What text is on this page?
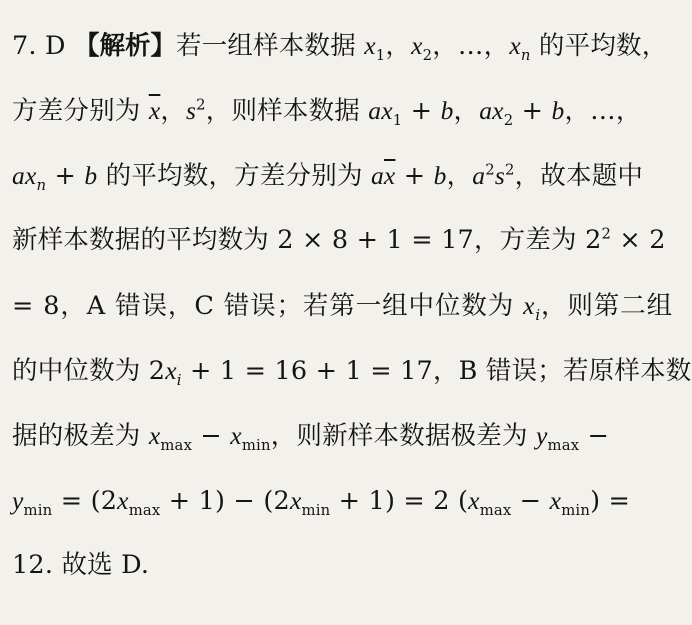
7. D 【解析】若一组样本数据 $x_1$，$x_2$，…，$x_n$ 的平均数，
方差分别为 $\overline{x}$，$s^2$，则样本数据 $ax_1 + b$，$ax_2 + b$，…，
$ax_n + b$ 的平均数，方差分别为 $a\overline{x} + b$，$a^2s^2$，故本题中
新样本数据的平均数为 2 × 8 + 1 = 17，方差为 $2^2 \times 2$
= 8，A 错误，C 错误；若第一组中位数为 $x_i$，则第二组
的中位数为 $2x_i + 1 = 16 + 1 = 17$，B 错误；若原样本数
据的极差为 $x_{max} - x_{min}$，则新样本数据极差为 $y_{max}$ −
$y_{min} = (2x_{max} + 1) - (2x_{min} + 1) = 2$ $(x_{max} - x_{min})$ =
12. 故选 D.
